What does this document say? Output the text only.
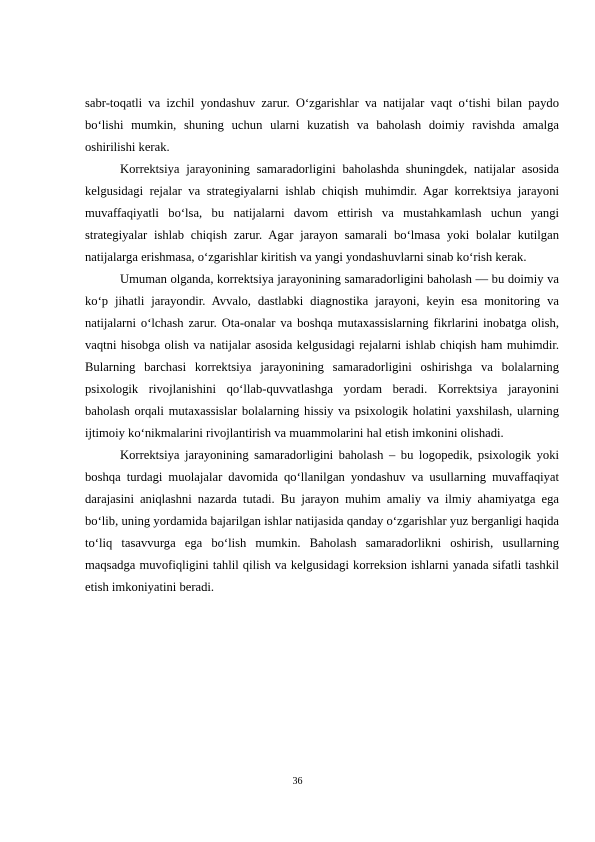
sabr-toqatli va izchil yondashuv zarur. O‘zgarishlar va natijalar vaqt o‘tishi bilan paydo bo‘lishi mumkin, shuning uchun ularni kuzatish va baholash doimiy ravishda amalga oshirilishi kerak.

Korrektsiya jarayonining samaradorligini baholashda shuningdek, natijalar asosida kelgusidagi rejalar va strategiyalarni ishlab chiqish muhimdir. Agar korrektsiya jarayoni muvaffaqiyatli bo‘lsa, bu natijalarni davom ettirish va mustahkamlash uchun yangi strategiyalar ishlab chiqish zarur. Agar jarayon samarali bo‘lmasa yoki bolalar kutilgan natijalarga erishmasa, o‘zgarishlar kiritish va yangi yondashuvlarni sinab ko‘rish kerak.

Umuman olganda, korrektsiya jarayonining samaradorligini baholash — bu doimiy va ko‘p jihatli jarayondir. Avvalo, dastlabki diagnostika jarayoni, keyin esa monitoring va natijalarni o‘lchash zarur. Ota-onalar va boshqa mutaxassislarning fikrlarini inobatga olish, vaqtni hisobga olish va natijalar asosida kelgusidagi rejalarni ishlab chiqish ham muhimdir. Bularning barchasi korrektsiya jarayonining samaradorligini oshirishga va bolalarning psixologik rivojlanishini qo‘llab-quvvatlashga yordam beradi. Korrektsiya jarayonini baholash orqali mutaxassislar bolalarning hissiy va psixologik holatini yaxshilash, ularning ijtimoiy ko‘nikmalarini rivojlantirish va muammolarini hal etish imkonini olishadi.

Korrektsiya jarayonining samaradorligini baholash – bu logopedik, psixologik yoki boshqa turdagi muolajalar davomida qo‘llanilgan yondashuv va usullarning muvaffaqiyat darajasini aniqlashni nazarda tutadi. Bu jarayon muhim amaliy va ilmiy ahamiyatga ega bo‘lib, uning yordamida bajarilgan ishlar natijasida qanday o‘zgarishlar yuz berganligi haqida to‘liq tasavvurga ega bo‘lish mumkin. Baholash samaradorlikni oshirish, usullarning maqsadga muvofiqligini tahlil qilish va kelgusidagi korreksion ishlarni yanada sifatli tashkil etish imkoniyatini beradi.

36
